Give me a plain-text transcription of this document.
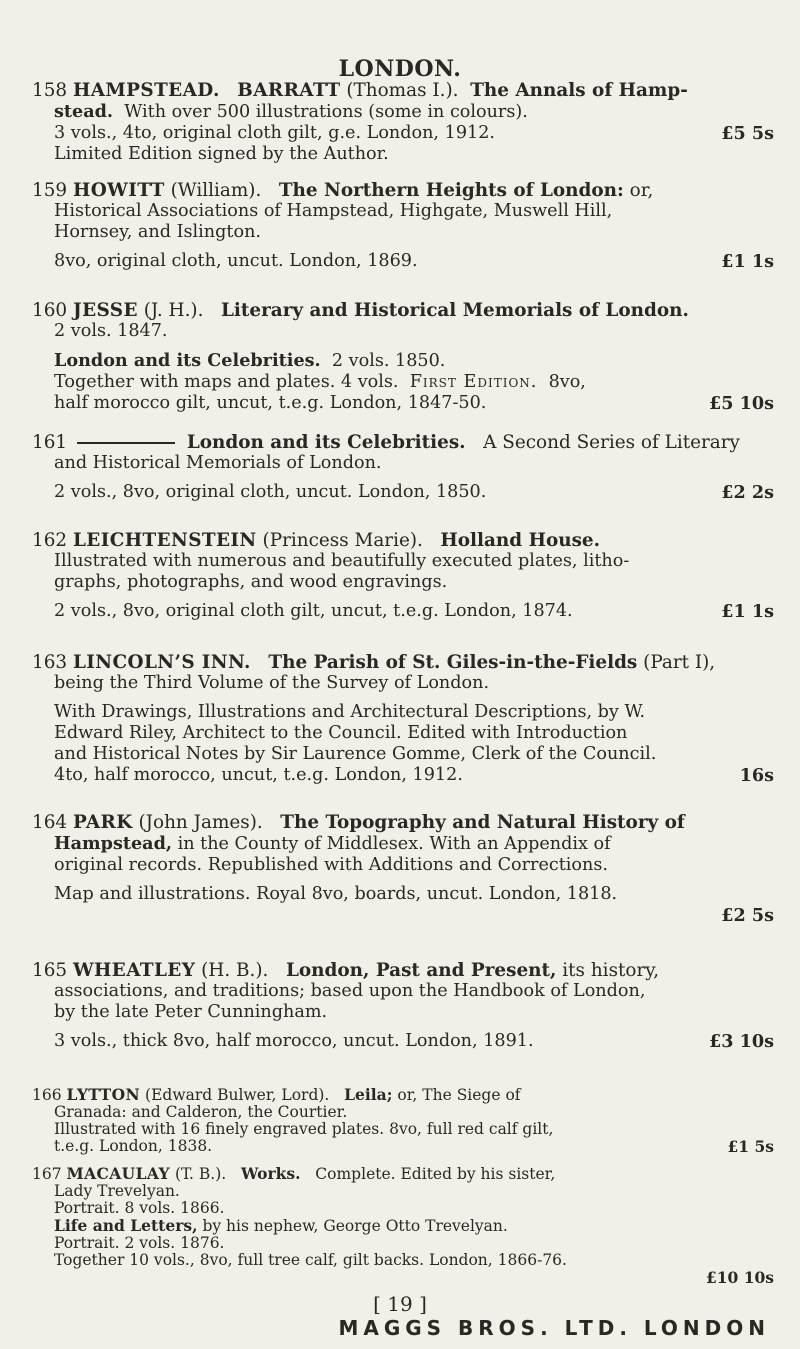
LONDON.
158 HAMPSTEAD. BARRATT (Thomas I.). The Annals of Hamp-
stead. With over 500 illustrations (some in colours).
3 vols., 4to, original cloth gilt, g.e. London, 1912.	£5 5s
Limited Edition signed by the Author.
159 HOWITT (William). The Northern Heights of London: or,
Historical Associations of Hampstead, Highgate, Muswell Hill,
Hornsey, and Islington.
8vo, original cloth, uncut. London, 1869.	£1 1s
160 JESSE (J. H.). Literary and Historical Memorials of London.
2 vols. 1847.
London and its Celebrities. 2 vols. 1850.
Together with maps and plates. 4 vols. First Edition. 8vo,
half morocco gilt, uncut, t.e.g. London, 1847-50.	£5 10s
161	London and its Celebrities. A Second Series of Literary
and Historical Memorials of London.
2 vols., 8vo, original cloth, uncut. London, 1850.	£2 2s
162 LEICHTENSTEIN (Princess Marie). Holland House.
Illustrated with numerous and beautifully executed plates, litho-
graphs, photographs, and wood engravings.
2 vols., 8vo, original cloth gilt, uncut, t.e.g. London, 1874.	£1 1s
163 LINCOLN’S INN. The Parish of St. Giles-in-the-Fields (Part I),
being the Third Volume of the Survey of London.
With Drawings, Illustrations and Architectural Descriptions, by W.
Edward Riley, Architect to the Council. Edited with Introduction
and Historical Notes by Sir Laurence Gomme, Clerk of the Council.
4to, half morocco, uncut, t.e.g. London, 1912.	16s
164 PARK (John James). The Topography and Natural History of
Hampstead, in the County of Middlesex. With an Appendix of
original records. Republished with Additions and Corrections.
Map and illustrations. Royal 8vo, boards, uncut. London, 1818.
£2 5s
165 WHEATLEY (H. B.). London, Past and Present, its history,
associations, and traditions; based upon the Handbook of London,
by the late Peter Cunningham.
3 vols., thick 8vo, half morocco, uncut. London, 1891.	£3 10s
166 LYTTON (Edward Bulwer, Lord). Leila; or, The Siege of
Granada: and Calderon, the Courtier.
Illustrated with 16 finely engraved plates. 8vo, full red calf gilt,
t.e.g. London, 1838.	£1 5s
167 MACAULAY (T. B.). Works. Complete. Edited by his sister,
Lady Trevelyan.
Portrait. 8 vols. 1866.
Life and Letters, by his nephew, George Otto Trevelyan.
Portrait. 2 vols. 1876.
Together 10 vols., 8vo, full tree calf, gilt backs. London, 1866-76.
£10 10s
[ 19 ]
MAGGS BROS. LTD. LONDON
